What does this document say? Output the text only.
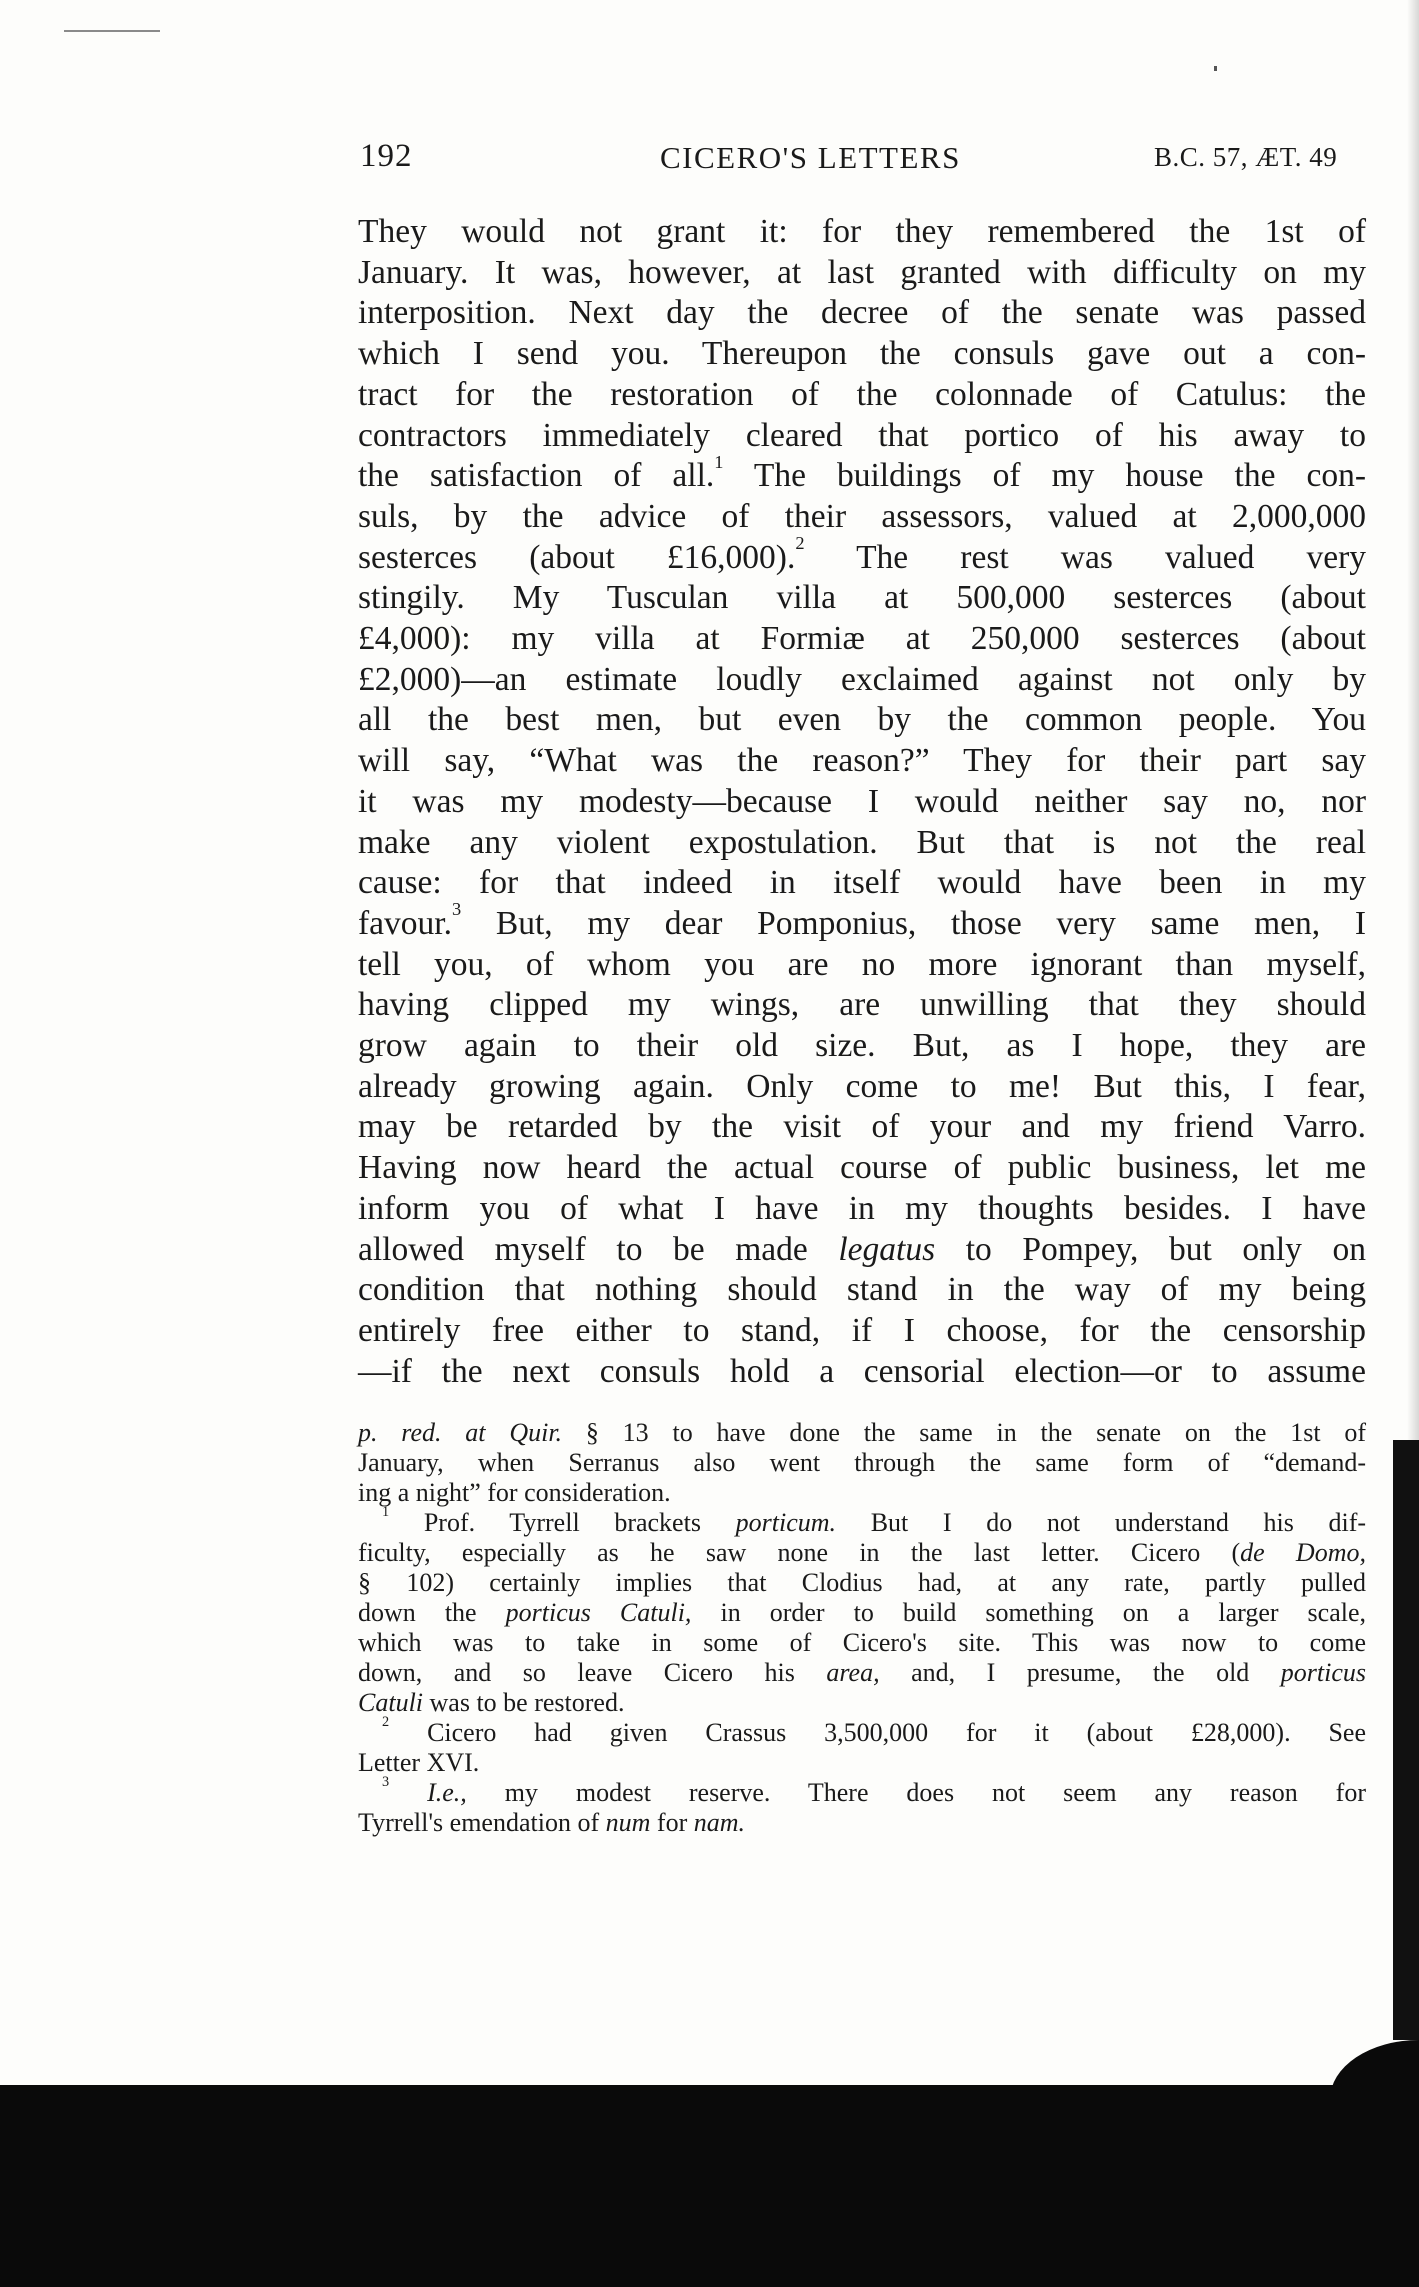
192	CICERO'S LETTERS	B.C. 57, ÆT. 49
They would not grant it: for they remembered the 1st of
January. It was, however, at last granted with difficulty on my
interposition. Next day the decree of the senate was passed
which I send you. Thereupon the consuls gave out a con-
tract for the restoration of the colonnade of Catulus: the
contractors immediately cleared that portico of his away to
the satisfaction of all.$^1$ The buildings of my house the con-
suls, by the advice of their assessors, valued at 2,000,000
sesterces (about £16,000).$^2$ The rest was valued very
stingily. My Tusculan villa at 500,000 sesterces (about
£4,000): my villa at Formiæ at 250,000 sesterces (about
£2,000)—an estimate loudly exclaimed against not only by
all the best men, but even by the common people. You
will say, “What was the reason?” They for their part say
it was my modesty—because I would neither say no, nor
make any violent expostulation. But that is not the real
cause: for that indeed in itself would have been in my
favour.$^3$ But, my dear Pomponius, those very same men, I
tell you, of whom you are no more ignorant than myself,
having clipped my wings, are unwilling that they should
grow again to their old size. But, as I hope, they are
already growing again. Only come to me! But this, I fear,
may be retarded by the visit of your and my friend Varro.
Having now heard the actual course of public business, let me
inform you of what I have in my thoughts besides. I have
allowed myself to be made legatus to Pompey, but only on
condition that nothing should stand in the way of my being
entirely free either to stand, if I choose, for the censorship
—if the next consuls hold a censorial election—or to assume
p. red. at Quir. § 13 to have done the same in the senate on the 1st of
January, when Serranus also went through the same form of “demand-
ing a night” for consideration.
$^1$ Prof. Tyrrell brackets porticum. But I do not understand his dif-
ficulty, especially as he saw none in the last letter. Cicero (de Domo,
§ 102) certainly implies that Clodius had, at any rate, partly pulled
down the porticus Catuli, in order to build something on a larger scale,
which was to take in some of Cicero's site. This was now to come
down, and so leave Cicero his area, and, I presume, the old porticus
Catuli was to be restored.
$^2$ Cicero had given Crassus 3,500,000 for it (about £28,000). See
Letter XVI.
$^3$ I.e., my modest reserve. There does not seem any reason for
Tyrrell's emendation of num for nam.
